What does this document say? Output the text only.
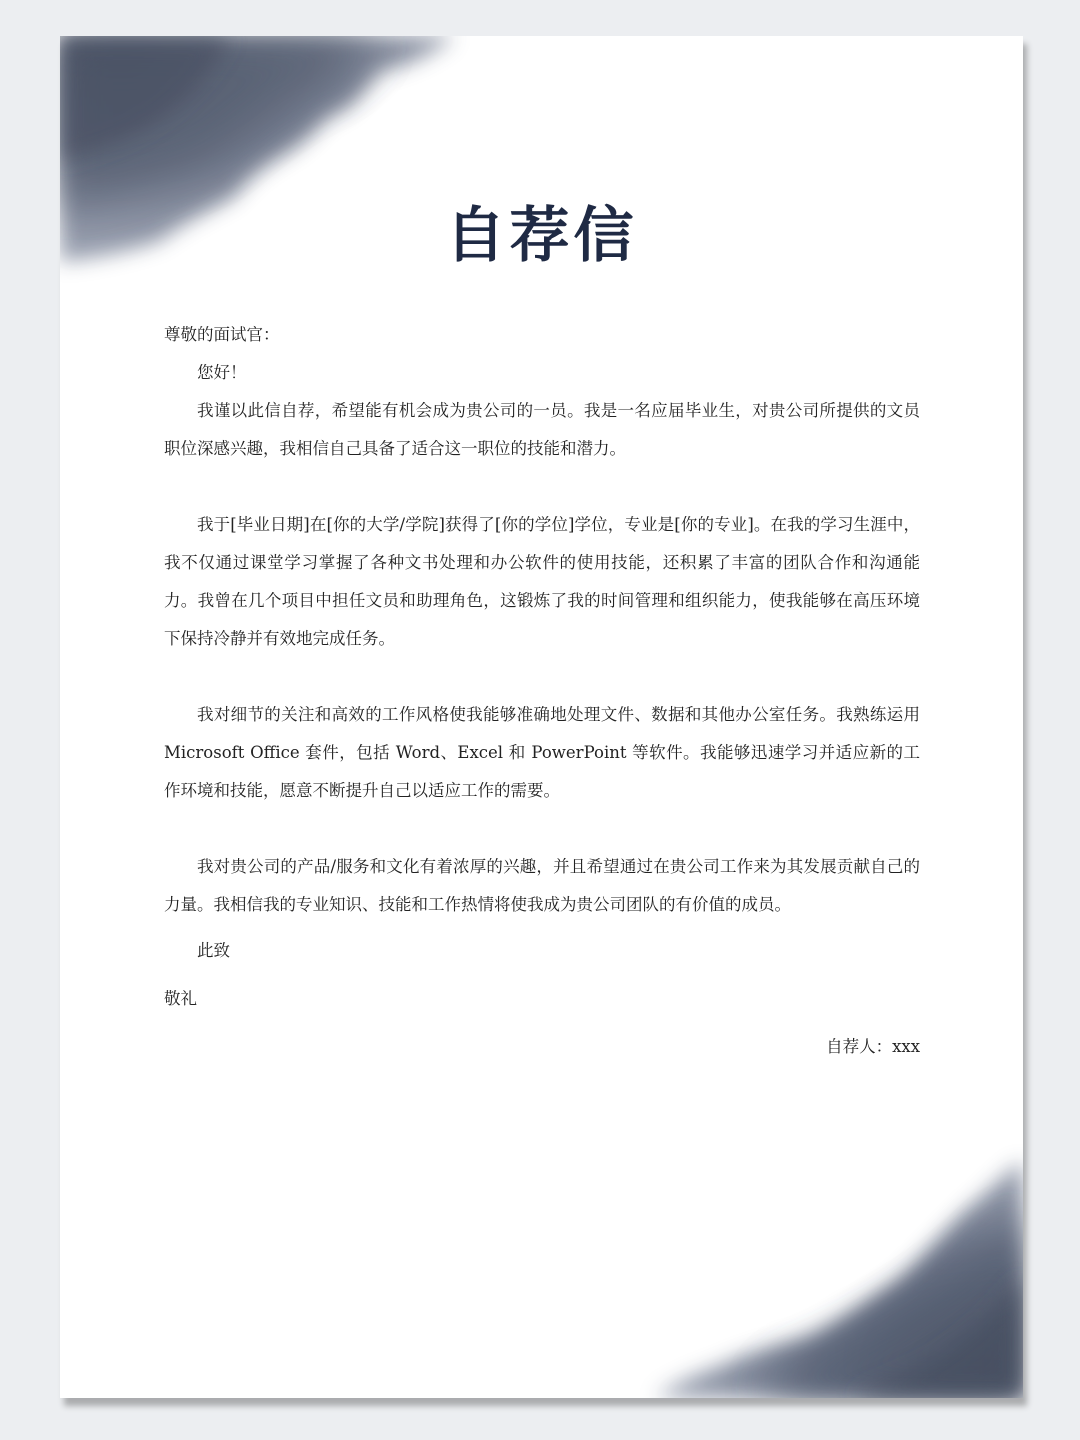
自荐信

尊敬的面试官：

您好！

我谨以此信自荐，希望能有机会成为贵公司的一员。我是一名应届毕业生，对贵公司所提供的文员职位深感兴趣，我相信自己具备了适合这一职位的技能和潜力。

我于[毕业日期]在[你的大学/学院]获得了[你的学位]学位，专业是[你的专业]。在我的学习生涯中，我不仅通过课堂学习掌握了各种文书处理和办公软件的使用技能，还积累了丰富的团队合作和沟通能力。我曾在几个项目中担任文员和助理角色，这锻炼了我的时间管理和组织能力，使我能够在高压环境下保持冷静并有效地完成任务。

我对细节的关注和高效的工作风格使我能够准确地处理文件、数据和其他办公室任务。我熟练运用 Microsoft Office 套件，包括 Word、Excel 和 PowerPoint 等软件。我能够迅速学习并适应新的工作环境和技能，愿意不断提升自己以适应工作的需要。

我对贵公司的产品/服务和文化有着浓厚的兴趣，并且希望通过在贵公司工作来为其发展贡献自己的力量。我相信我的专业知识、技能和工作热情将使我成为贵公司团队的有价值的成员。

此致

敬礼

自荐人：xxx
